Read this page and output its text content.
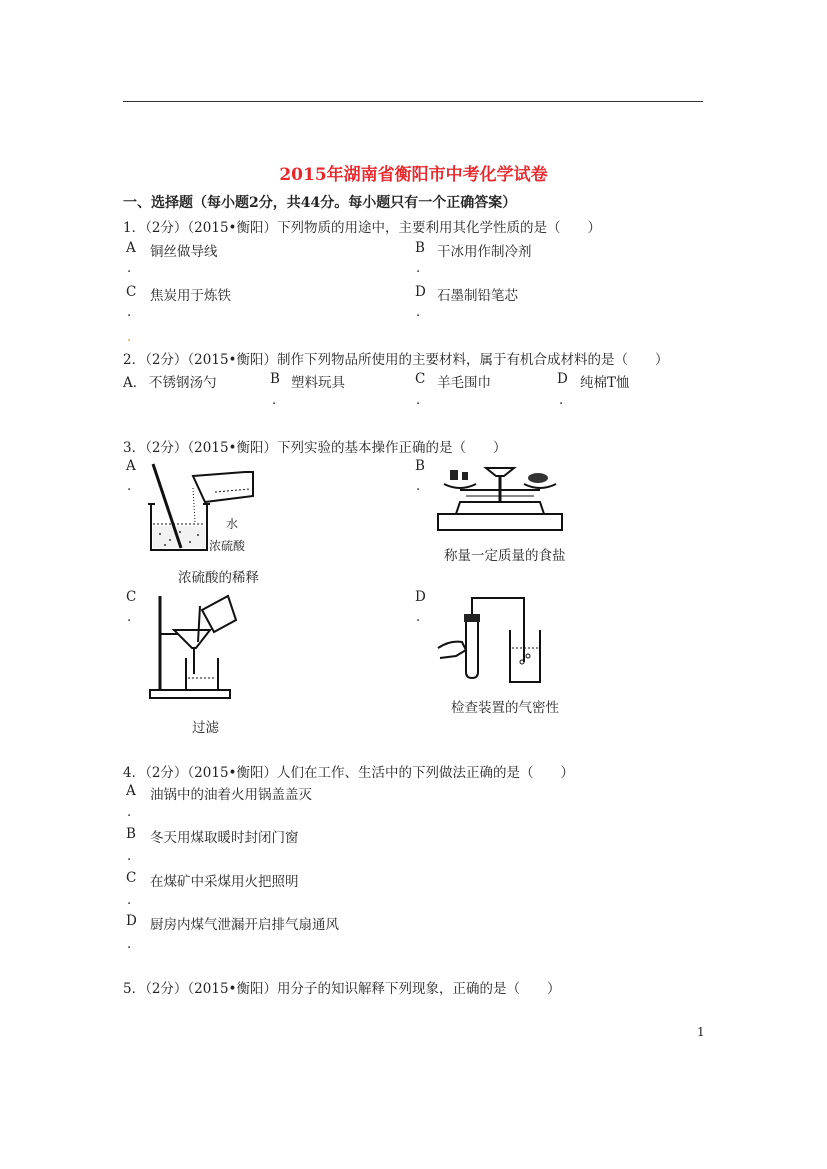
2015年湖南省衡阳市中考化学试卷
一、选择题（每小题2分，共44分。每小题只有一个正确答案）
1．（2分）（2015•衡阳）下列物质的用途中，主要利用其化学性质的是（　　）
A 铜丝做导线
.
B 干冰用作制冷剂
.
C 焦炭用于炼铁
.
D 石墨制铅笔芯
.
.
2．（2分）（2015•衡阳）制作下列物品所使用的主要材料，属于有机合成材料的是（　　）
A． 不锈钢汤勺	B 塑料玩具
.
C 羊毛围巾
.
D 纯棉T恤
.
3．（2分）（2015•衡阳）下列实验的基本操作正确的是（　　）
A
.
水
浓硫酸
浓硫酸的稀释
B
.
称量一定质量的食盐
C
.
过滤
D
.
检查装置的气密性
4．（2分）（2015•衡阳）人们在工作、生活中的下列做法正确的是（　　）
A 油锅中的油着火用锅盖盖灭
.
B 冬天用煤取暖时封闭门窗
.
C 在煤矿中采煤用火把照明
.
D 厨房内煤气泄漏开启排气扇通风
.
5．（2分）（2015•衡阳）用分子的知识解释下列现象，正确的是（　　）
1
